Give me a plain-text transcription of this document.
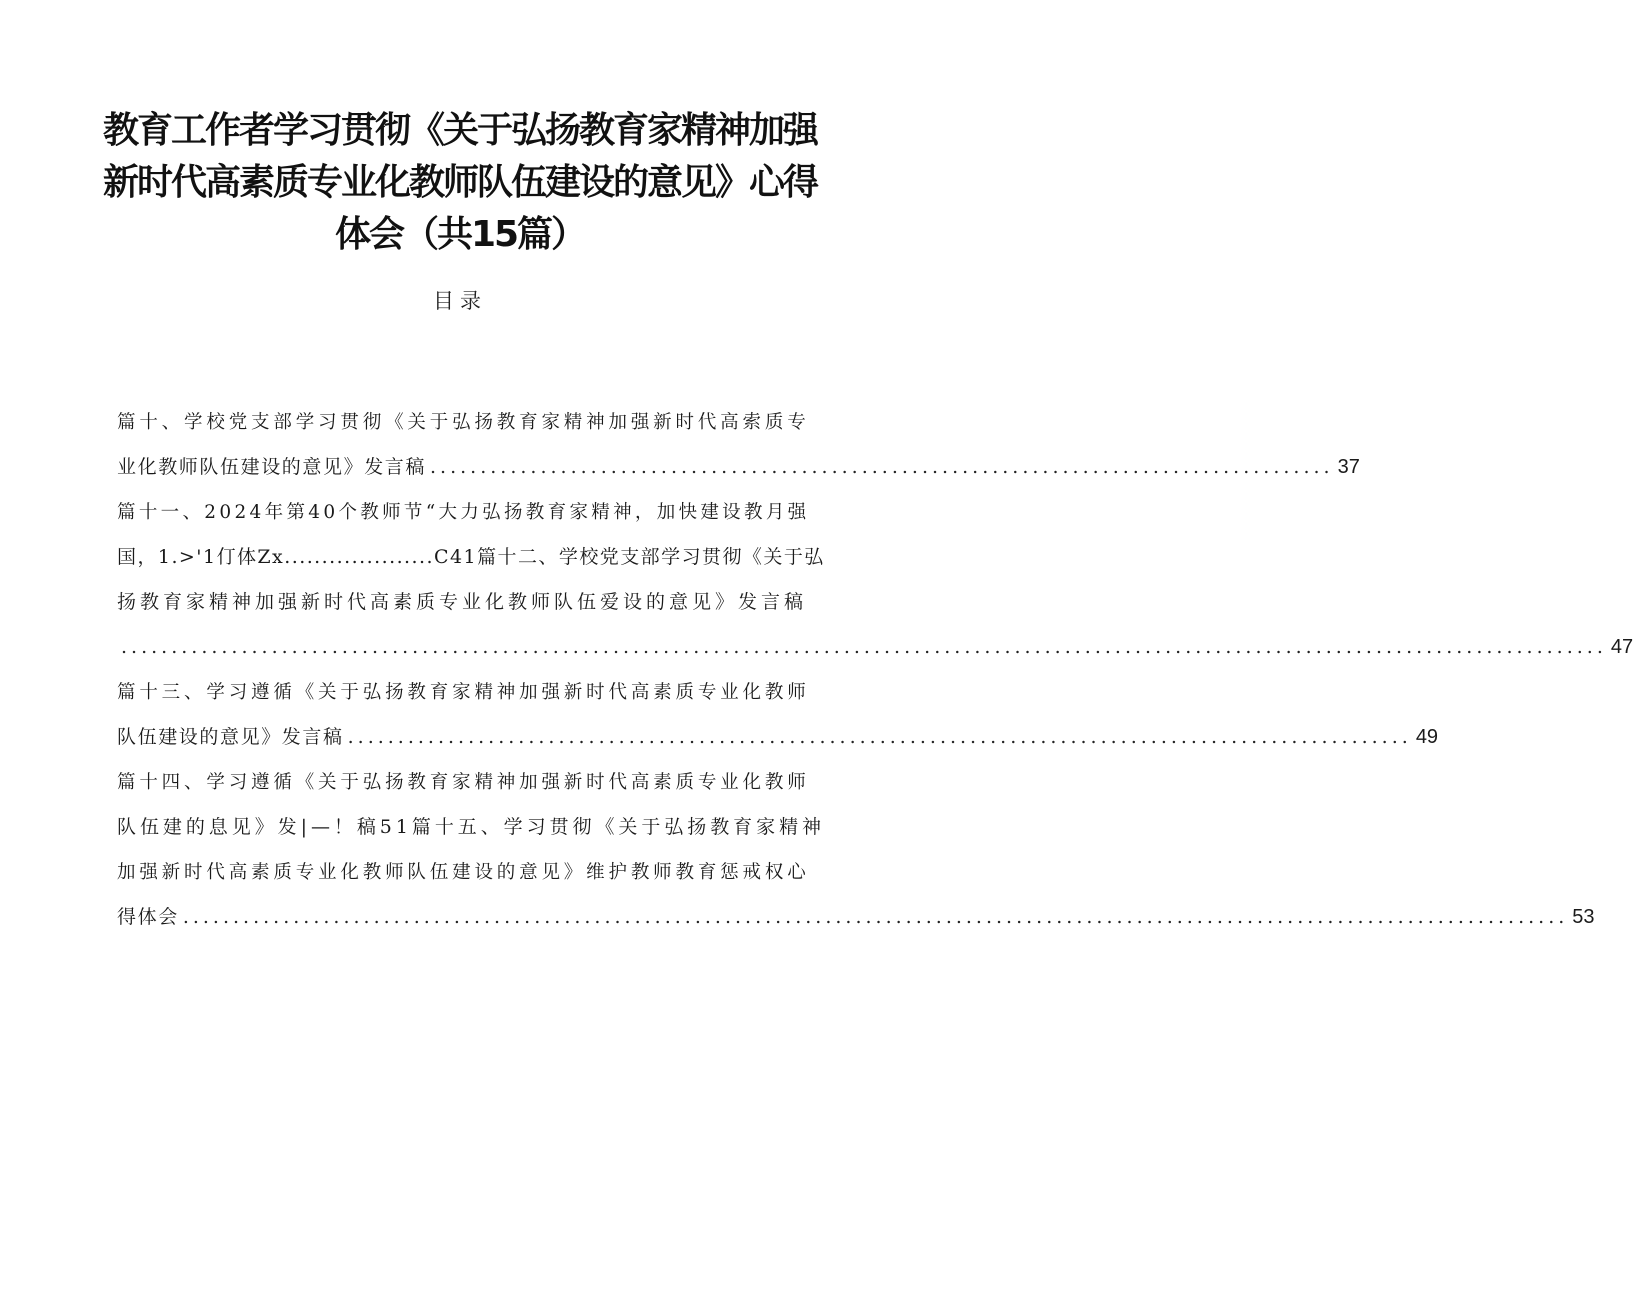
教育工作者学习贯彻《关于弘扬教育家精神加强
新时代高素质专业化教师队伍建设的意见》心得
体会（共15篇）
目录
篇十、学校党支部学习贯彻《关于弘扬教育家精神加强新时代高索质专
业化教师队伍建设的意见》发言稿 .......................................................................................... 37
篇十一、2024年第40个教师节“大力弘扬教育家精神，加快建设教月强
国，1.>'1仃体Zx....................C41篇十二、学校党支部学习贯彻《关于弘
扬教育家精神加强新时代高素质专业化教师队伍爱设的意见》发言稿
.................................................................................................................................................... 47
篇十三、学习遵循《关于弘扬教育家精神加强新时代高素质专业化教师
队伍建设的意见》发言稿 .......................................................................................................... 49
篇十四、学习遵循《关于弘扬教育家精神加强新时代高素质专业化教师
队伍建的息见》发|—！稿51篇十五、学习贯彻《关于弘扬教育家精神
加强新时代高素质专业化教师队伍建设的意见》维护教师教育惩戒权心
得体会 .......................................................................................................................................... 53
